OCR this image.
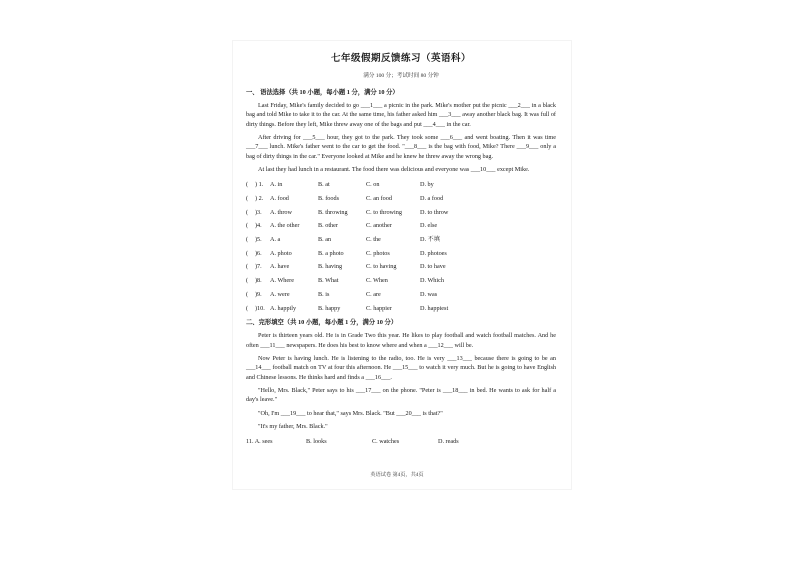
七年级假期反馈练习（英语科）
满分 100 分；考试时间 80 分钟
一、 语法选择（共 10 小题，每小题 1 分，满分 10 分）

Last Friday, Mike's family decided to go ___1___ a picnic in the park. Mike's mother put the picnic ___2___ in a black bag and told Mike to take it to the car. At the same time, his father asked him ___3___ away another black bag. It was full of dirty things. Before they left, Mike threw away one of the bags and put ___4___ in the car.

After driving for ___5___ hour, they got to the park. They took some ___6___ and went boating. Then it was time ___7___ lunch. Mike's father went to the car to get the food. "___8___ is the bag with food, Mike? There ___9___ only a bag of dirty things in the car." Everyone looked at Mike and he knew he threw away the wrong bag.

At last they had lunch in a restaurant. The food there was delicious and everyone was ___10___ except Mike.

(	) 1.	A. in	B. at	C. on	D. by
(	) 2.	A. food	B. foods	C. an food	D. a food
(	)3.	A. throw	B. throwing	C. to throwing	D. to throw
(	)4.	A. the other	B. other	C. another	D. else
(	)5.	A. a	B. an	C. the	D. 不填
(	)6.	A. photo	B. a photo	C. photos	D. photoes
(	)7.	A. have	B. having	C. to having	D. to have
(	)8.	A. Where	B. What	C. When	D. Which
(	)9.	A. were	B. is	C. are	D. was
(	)10. A. happily	B. happy	C. happier	D. happiest
二、完形填空（共 10 小题，每小题 1 分，满分 10 分）

Peter is thirteen years old. He is in Grade Two this year. He likes to play football and watch football matches. And he often ___11___ newspapers. He does his best to know where and when a ___12___ will be.

Now Peter is having lunch. He is listening to the radio, too. He is very ___13___ because there is going to be an ___14___ football match on TV at four this afternoon. He ___15___ to watch it very much. But he is going to have English and Chinese lessons. He thinks hard and finds a ___16___.

"Hello, Mrs. Black," Peter says to his ___17___ on the phone. "Peter is ___18___ in bed. He wants to ask for half a day's leave."

"Oh, I'm ___19___ to hear that," says Mrs. Black. "But ___20___ is that?"

"It's my father, Mrs. Black."

11. A. sees	B. looks	C. watches	D. reads
英语试卷 第4页，共4页
